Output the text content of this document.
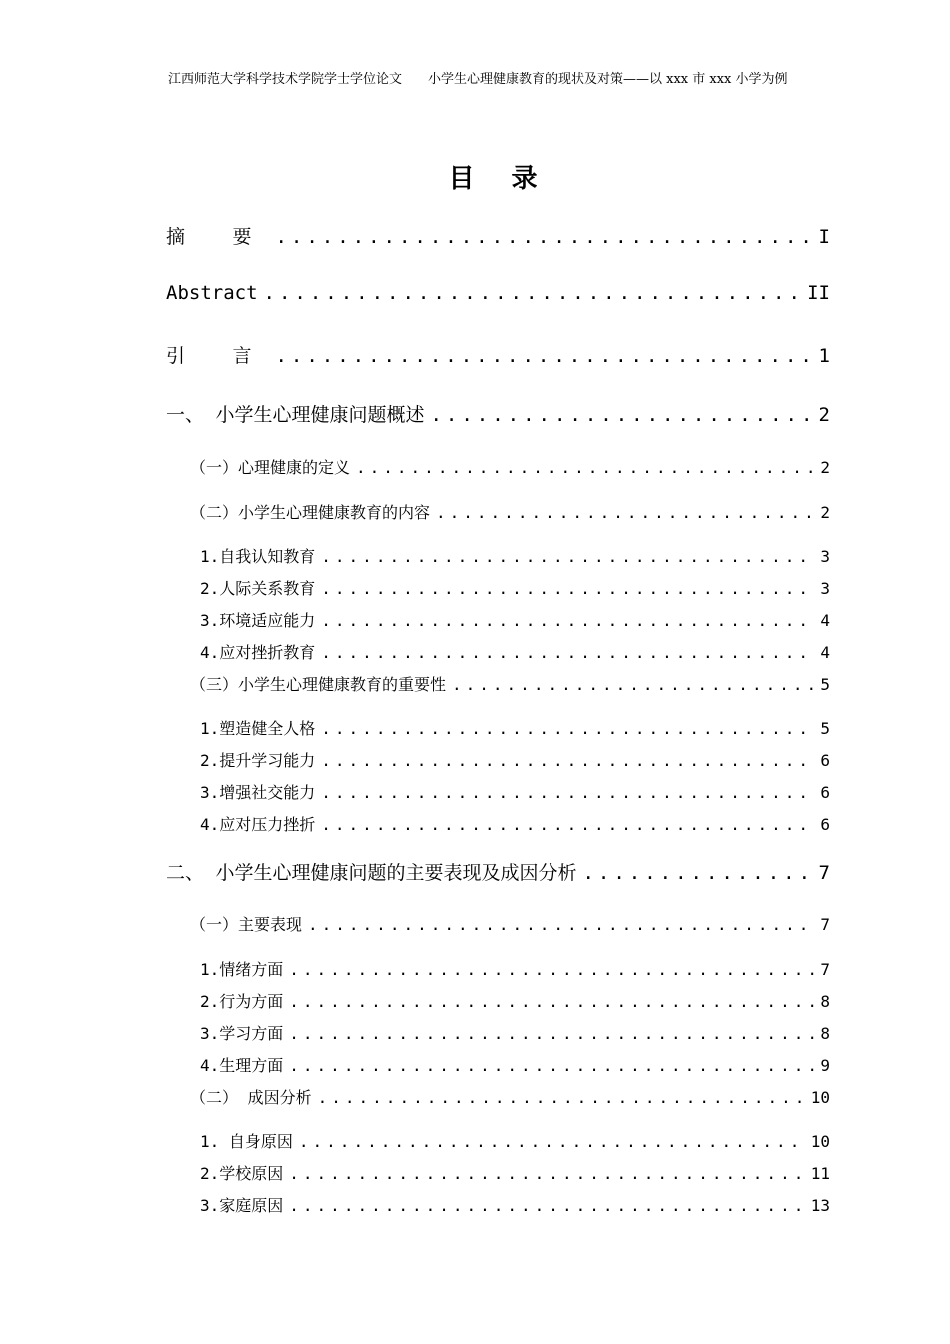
江西师范大学科学技术学院学士学位论文　　小学生心理健康教育的现状及对策——以 xxx 市 xxx 小学为例
目 录
摘 要 .....	I
Abstract .....	II
引 言 .....	1
一、 小学生心理健康问题概述 .....	2
（一）心理健康的定义 .....	2
（二）小学生心理健康教育的内容 .....	2
1.自我认知教育 .....	3
2.人际关系教育 .....	3
3.环境适应能力 .....	4
4.应对挫折教育 .....	4
（三）小学生心理健康教育的重要性 .....	5
1.塑造健全人格 .....	5
2.提升学习能力 .....	6
3.增强社交能力 .....	6
4.应对压力挫折 .....	6
二、 小学生心理健康问题的主要表现及成因分析 .....	7
（一）主要表现 .....	7
1.情绪方面 .....	7
2.行为方面 .....	8
3.学习方面 .....	8
4.生理方面 .....	9
（二） 成因分析 .....	10
1. 自身原因 .....	10
2.学校原因 .....	11
3.家庭原因 .....	13
